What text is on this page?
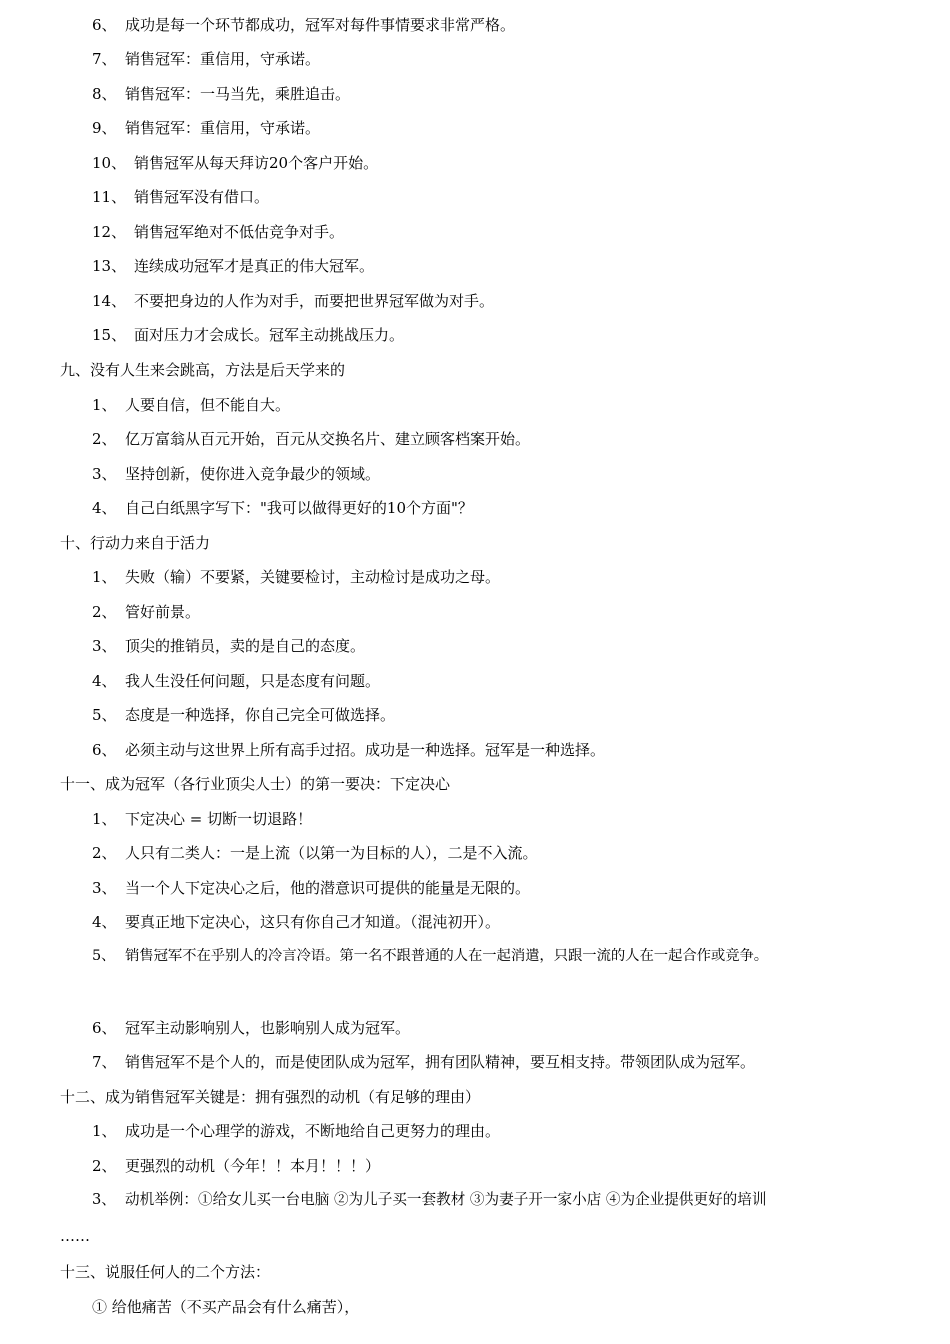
6、 成功是每一个环节都成功，冠军对每件事情要求非常严格。
7、 销售冠军：重信用，守承诺。
8、 销售冠军：一马当先，乘胜追击。
9、 销售冠军：重信用，守承诺。
10、 销售冠军从每天拜访20个客户开始。
11、 销售冠军没有借口。
12、 销售冠军绝对不低估竞争对手。
13、 连续成功冠军才是真正的伟大冠军。
14、 不要把身边的人作为对手，而要把世界冠军做为对手。
15、 面对压力才会成长。冠军主动挑战压力。
九、没有人生来会跳高，方法是后天学来的
1、 人要自信，但不能自大。
2、 亿万富翁从百元开始，百元从交换名片、建立顾客档案开始。
3、 坚持创新，使你进入竞争最少的领域。
4、 自己白纸黑字写下："我可以做得更好的10个方面"？
十、行动力来自于活力
1、 失败（输）不要紧，关键要检讨，主动检讨是成功之母。
2、 管好前景。
3、 顶尖的推销员，卖的是自己的态度。
4、 我人生没任何问题，只是态度有问题。
5、 态度是一种选择，你自己完全可做选择。
6、 必须主动与这世界上所有高手过招。成功是一种选择。冠军是一种选择。
十一、成为冠军（各行业顶尖人士）的第一要决：下定决心
1、 下定决心 = 切断一切退路！
2、 人只有二类人：一是上流（以第一为目标的人），二是不入流。
3、 当一个人下定决心之后，他的潜意识可提供的能量是无限的。
4、 要真正地下定决心，这只有你自己才知道。（混沌初开）。
5、 销售冠军不在乎别人的冷言冷语。第一名不跟普通的人在一起消遣，只跟一流的人在一起合作或竞争。
6、 冠军主动影响别人，也影响别人成为冠军。
7、 销售冠军不是个人的，而是使团队成为冠军，拥有团队精神，要互相支持。带领团队成为冠军。
十二、成为销售冠军关键是：拥有强烈的动机（有足够的理由）
1、 成功是一个心理学的游戏，不断地给自己更努力的理由。
2、 更强烈的动机（今年！！本月！！！）
3、 动机举例：①给女儿买一台电脑 ②为儿子买一套教材 ③为妻子开一家小店 ④为企业提供更好的培训
……
十三、说服任何人的二个方法：
① 给他痛苦（不买产品会有什么痛苦），
